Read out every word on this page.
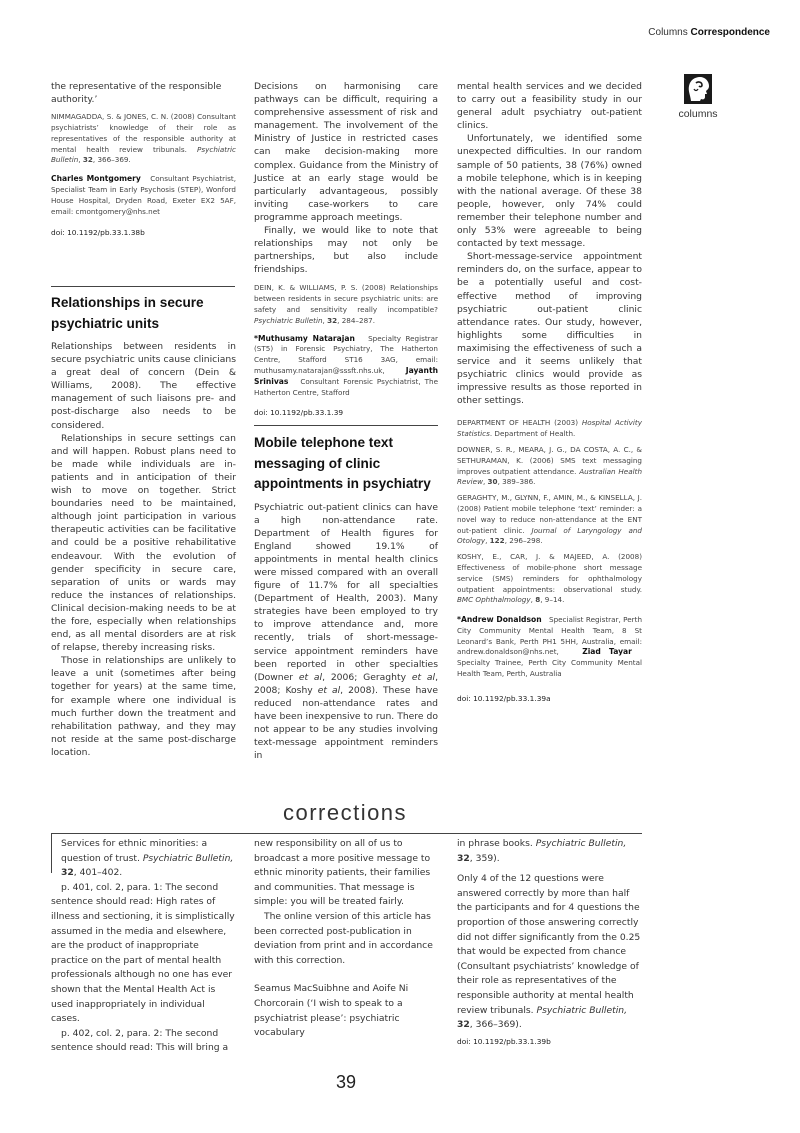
Columns Correspondence
columns

the representative of the responsible authority.’

NIMMAGADDA, S. & JONES, C. N. (2008) Consultant psychiatrists’ knowledge of their role as representatives of the responsible authority at mental health review tribunals. Psychiatric Bulletin, 32, 366–369.

Charles Montgomery Consultant Psychiatrist, Specialist Team in Early Psychosis (STEP), Wonford House Hospital, Dryden Road, Exeter EX2 5AF, email: cmontgomery@nhs.net

doi: 10.1192/pb.33.1.38b

Relationships in secure psychiatric units

Relationships between residents in secure psychiatric units cause clinicians a great deal of concern (Dein & Williams, 2008). The effective management of such liaisons pre- and post-discharge also needs to be considered.

Relationships in secure settings can and will happen. Robust plans need to be made while individuals are in-patients and in anticipation of their wish to move on together. Strict boundaries need to be maintained, although joint participation in various therapeutic activities can be facilitative and could be a positive rehabilitative endeavour. With the evolution of gender specificity in secure care, separation of units or wards may reduce the instances of relationships. Clinical decision-making needs to be at the fore, especially when relationships end, as all mental disorders are at risk of relapse, thereby increasing risks.

Those in relationships are unlikely to leave a unit (sometimes after being together for years) at the same time, for example where one individual is much further down the treatment and rehabilitation pathway, and they may not reside at the same post-discharge location.

Decisions on harmonising care pathways can be difficult, requiring a comprehensive assessment of risk and management. The involvement of the Ministry of Justice in restricted cases can make decision-making more complex. Guidance from the Ministry of Justice at an early stage would be particularly advantageous, possibly inviting case-workers to care programme approach meetings.

Finally, we would like to note that relationships may not only be partnerships, but also include friendships.

DEIN, K. & WILLIAMS, P. S. (2008) Relationships between residents in secure psychiatric units: are safety and sensitivity really incompatible? Psychiatric Bulletin, 32, 284–287.

*Muthusamy Natarajan Specialty Registrar (ST5) in Forensic Psychiatry, The Hatherton Centre, Stafford ST16 3AG, email: muthusamy.natarajan@sssft.nhs.uk,	Jayanth Srinivas Consultant Forensic Psychiatrist, The Hatherton Centre, Stafford

doi: 10.1192/pb.33.1.39

Mobile telephone text messaging of clinic appointments in psychiatry

Psychiatric out-patient clinics can have a high non-attendance rate. Department of Health figures for England showed 19.1% of appointments in mental health clinics were missed compared with an overall figure of 11.7% for all specialties (Department of Health, 2003). Many strategies have been employed to try to improve attendance and, more recently, trials of short-message-service appointment reminders have been reported in other specialties (Downer et al, 2006; Geraghty et al, 2008; Koshy et al, 2008). These have reduced non-attendance rates and have been inexpensive to run. There do not appear to be any studies involving text-message appointment reminders in

mental health services and we decided to carry out a feasibility study in our general adult psychiatry out-patient clinics.

Unfortunately, we identified some unexpected difficulties. In our random sample of 50 patients, 38 (76%) owned a mobile telephone, which is in keeping with the national average. Of these 38 people, however, only 74% could remember their telephone number and only 53% were agreeable to being contacted by text message.

Short-message-service appointment reminders do, on the surface, appear to be a potentially useful and cost-effective method of improving psychiatric out-patient clinic attendance rates. Our study, however, highlights some difficulties in maximising the effectiveness of such a service and it seems unlikely that psychiatric clinics would provide as impressive results as those reported in other settings.

DEPARTMENT OF HEALTH (2003) Hospital Activity Statistics. Department of Health.

DOWNER, S. R., MEARA, J. G., DA COSTA, A. C., & SETHURAMAN, K. (2006) SMS text messaging improves outpatient attendance. Australian Health Review, 30, 389–386.

GERAGHTY, M., GLYNN, F., AMIN, M., & KINSELLA, J. (2008) Patient mobile telephone ‘text’ reminder: a novel way to reduce non-attendance at the ENT out-patient clinic. Journal of Laryngology and Otology, 122, 296–298.

KOSHY, E., CAR, J. & MAJEED, A. (2008) Effectiveness of mobile-phone short message service (SMS) reminders for ophthalmology outpatient appointments: observational study. BMC Ophthalmology, 8, 9–14.

*Andrew Donaldson Specialist Registrar, Perth City Community Mental Health Team, 8 St Leonard’s Bank, Perth PH1 5HH, Australia, email: andrew.donaldson@nhs.net,	Ziad Tayar   Specialty Trainee, Perth City Community Mental Health Team, Perth, Australia

doi: 10.1192/pb.33.1.39a

corrections

Services for ethnic minorities: a question of trust. Psychiatric Bulletin, 32, 401–402.

p. 401, col. 2, para. 1: The second sentence should read: High rates of illness and sectioning, it is simplistically assumed in the media and elsewhere, are the product of inappropriate practice on the part of mental health professionals although no one has ever shown that the Mental Health Act is used inappropriately in individual cases.

p. 402, col. 2, para. 2: The second sentence should read: This will bring a

new responsibility on all of us to broadcast a more positive message to ethnic minority patients, their families and communities. That message is simple: you will be treated fairly.

The online version of this article has been corrected post-publication in deviation from print and in accordance with this correction.

Seamus MacSuibhne and Aoife Ni Chorcorain (‘I wish to speak to a psychiatrist please’: psychiatric vocabulary

in phrase books. Psychiatric Bulletin, 32, 359).

Only 4 of the 12 questions were answered correctly by more than half the participants and for 4 questions the proportion of those answering correctly did not differ significantly from the 0.25 that would be expected from chance (Consultant psychiatrists’ knowledge of their role as representatives of the responsible authority at mental health review tribunals. Psychiatric Bulletin, 32, 366–369).

doi: 10.1192/pb.33.1.39b

39
